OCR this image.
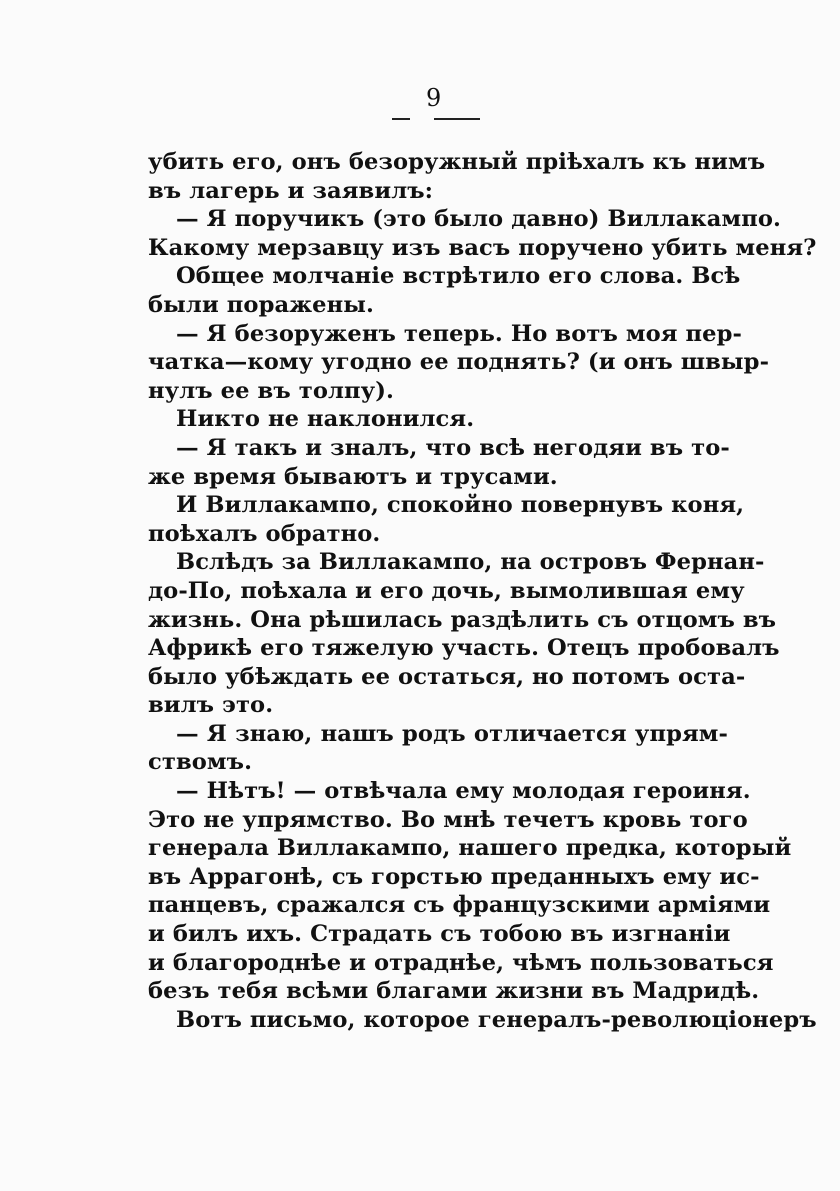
9
убить его, онъ безоружный пріѣхалъ къ нимъ
въ лагерь и заявилъ:
— Я поручикъ (это было давно) Виллакампо.
Какому мерзавцу изъ васъ поручено убить меня?
Общее молчаніе встрѣтило его слова. Всѣ
были поражены.
— Я безоруженъ теперь. Но вотъ моя пер-
чатка—кому угодно ее поднять? (и онъ швыр-
нулъ ее въ толпу).
Никто не наклонился.
— Я такъ и зналъ, что всѣ негодяи въ то-
же время бываютъ и трусами.
И Виллакампо, спокойно повернувъ коня,
поѣхалъ обратно.
Вслѣдъ за Виллакампо, на островъ Фернан-
до-По, поѣхала и его дочь, вымолившая ему
жизнь. Она рѣшилась раздѣлить съ отцомъ въ
Африкѣ его тяжелую участь. Отецъ пробовалъ
было убѣждать ее остаться, но потомъ оста-
вилъ это.
— Я знаю, нашъ родъ отличается упрям-
ствомъ.
— Нѣтъ! — отвѣчала ему молодая героиня.
Это не упрямство. Во мнѣ течетъ кровь того
генерала Виллакампо, нашего предка, который
въ Аррагонѣ, съ горстью преданныхъ ему ис-
панцевъ, сражался съ французскими арміями
и билъ ихъ. Страдать съ тобою въ изгнаніи
и благороднѣе и отраднѣе, чѣмъ пользоваться
безъ тебя всѣми благами жизни въ Мадридѣ.
Вотъ письмо, которое генералъ-революціонеръ
